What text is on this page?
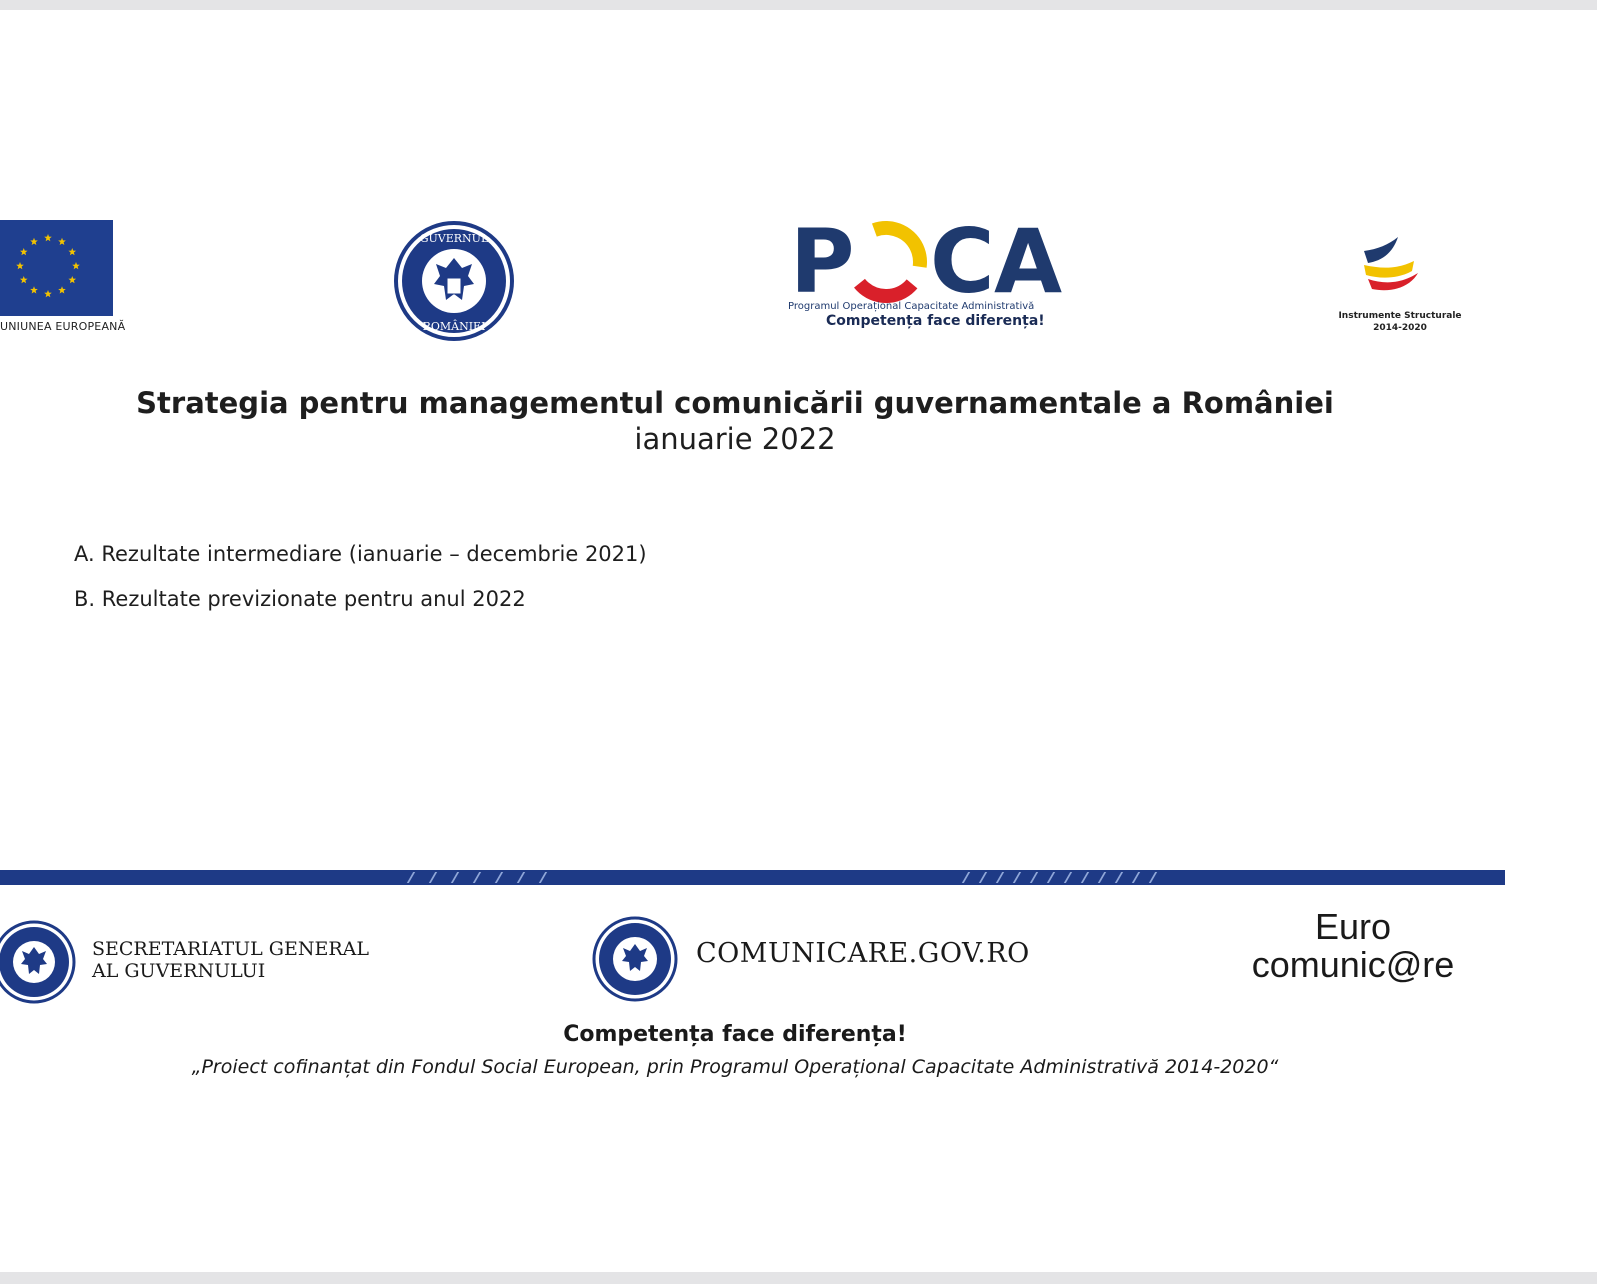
UNIUNEA EUROPEANĂ
GUVERNUL
ROMÂNIEI
P C A
Programul Operațional Capacitate Administrativă
Competența face diferența!	Instrumente Structurale
2014-2020
Strategia pentru managementul comunicării guvernamentale a României
ianuarie 2022
A. Rezultate intermediare (ianuarie – decembrie 2021)
B. Rezultate previzionate pentru anul 2022
SECRETARIATUL GENERAL
AL GUVERNULUI
COMUNICARE.GOV.RO
Euro
comunic@re
Competența face diferența!
„Proiect cofinanțat din Fondul Social European, prin Programul Operațional Capacitate Administrativă 2014-2020“
